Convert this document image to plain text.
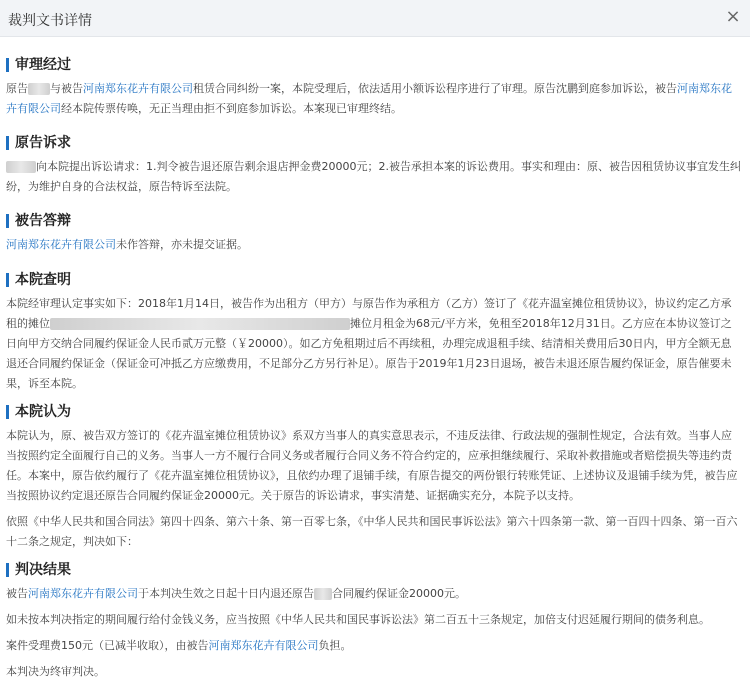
裁判文书详情	×
审理经过
原告 与被告河南郑东花卉有限公司租赁合同纠纷一案，本院受理后，依法适用小额诉讼程序进行了审理。原告沈鹏到庭参加诉讼，被告河南郑东花卉有限公司经本院传票传唤，无正当理由拒不到庭参加诉讼。本案现已审理终结。
原告诉求
向本院提出诉讼请求：1.判令被告退还原告剩余退店押金费20000元；2.被告承担本案的诉讼费用。事实和理由：原、被告因租赁协议事宜发生纠纷，为维护自身的合法权益，原告特诉至法院。
被告答辩
河南郑东花卉有限公司未作答辩，亦未提交证据。
本院查明
本院经审理认定事实如下：2018年1月14日，被告作为出租方（甲方）与原告作为承租方（乙方）签订了《花卉温室摊位租赁协议》，协议约定乙方承租的摊位	摊位月租金为68元/平方米，免租至2018年12月31日。乙方应在本协议签订之日向甲方交纳合同履约保证金人民币贰万元整（￥20000）。如乙方免租期过后不再续租，办理完成退租手续、结清相关费用后30日内，甲方全额无息退还合同履约保证金（保证金可冲抵乙方应缴费用，不足部分乙方另行补足）。原告于2019年1月23日退场，被告未退还原告履约保证金，原告催要未果，诉至本院。
本院认为
本院认为，原、被告双方签订的《花卉温室摊位租赁协议》系双方当事人的真实意思表示，不违反法律、行政法规的强制性规定，合法有效。当事人应当按照约定全面履行自己的义务。当事人一方不履行合同义务或者履行合同义务不符合约定的，应承担继续履行、采取补救措施或者赔偿损失等违约责任。本案中，原告依约履行了《花卉温室摊位租赁协议》，且依约办理了退铺手续，有原告提交的两份银行转账凭证、上述协议及退铺手续为凭，被告应当按照协议约定退还原告合同履约保证金20000元。关于原告的诉讼请求，事实清楚、证据确实充分，本院予以支持。
依照《中华人民共和国合同法》第四十四条、第六十条、第一百零七条，《中华人民共和国民事诉讼法》第六十四条第一款、第一百四十四条、第一百六十二条之规定，判决如下：
判决结果
被告河南郑东花卉有限公司于本判决生效之日起十日内退还原告 合同履约保证金20000元。
如未按本判决指定的期间履行给付金钱义务，应当按照《中华人民共和国民事诉讼法》第二百五十三条规定，加倍支付迟延履行期间的债务利息。
案件受理费150元（已减半收取），由被告河南郑东花卉有限公司负担。
本判决为终审判决。
